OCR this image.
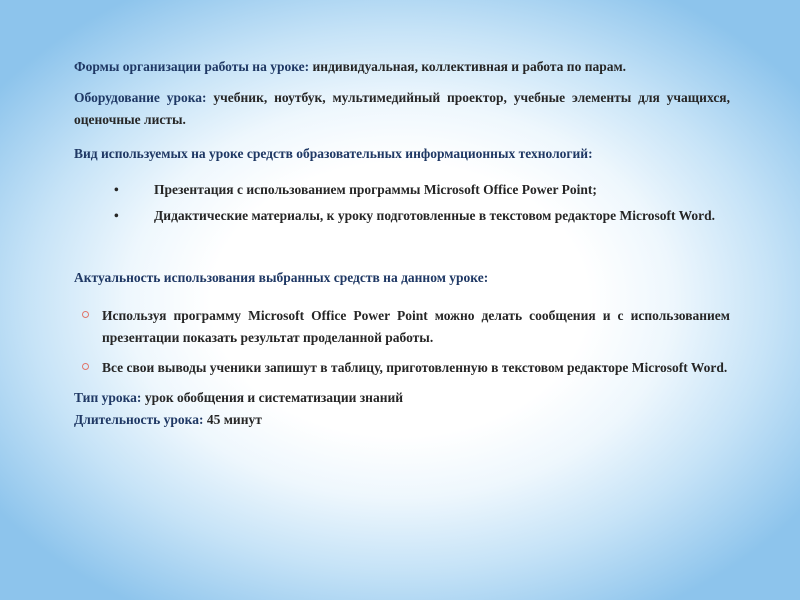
Формы организации работы на уроке: индивидуальная, коллективная и работа по парам.

Оборудование урока: учебник, ноутбук, мультимедийный проектор, учебные элементы для учащихся, оценочные листы.

Вид используемых на уроке средств образовательных информационных технологий:

•	Презентация с использованием программы Microsoft Office Power Point;
•	Дидактические материалы, к уроку подготовленные в текстовом редакторе Microsoft Word.

Актуальность использования выбранных средств на данном уроке:

Используя программу Microsoft Office Power Point можно делать сообщения и с использованием презентации показать результат проделанной работы.
Все свои выводы ученики запишут в таблицу, приготовленную в текстовом редакторе Microsoft Word.

Тип урока: урок обобщения и систематизации знаний

Длительность урока: 45 минут
